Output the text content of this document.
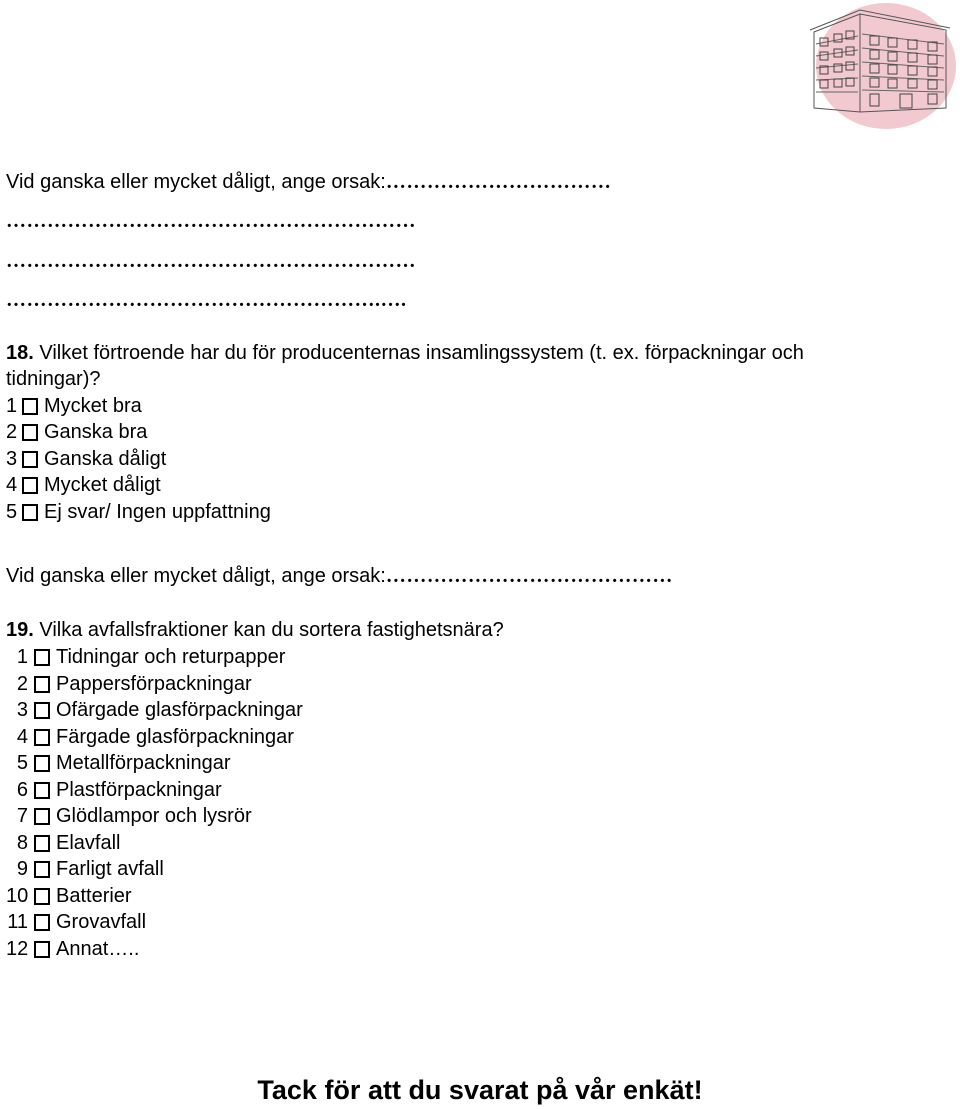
Vid ganska eller mycket dåligt, ange orsak:……………………………
……………………………………………………
……………………………………………………
……………………………………………….….
18. Vilket förtroende har du för producenternas insamlingssystem (t. ex. förpackningar och
tidningar)?
1 Mycket bra
2 Ganska bra
3 Ganska dåligt
4 Mycket dåligt
5 Ej svar/ Ingen uppfattning
Vid ganska eller mycket dåligt, ange orsak:……………………………………
19. Vilka avfallsfraktioner kan du sortera fastighetsnära?
1 Tidningar och returpapper
2 Pappersförpackningar
3 Ofärgade glasförpackningar
4 Färgade glasförpackningar
5 Metallförpackningar
6 Plastförpackningar
7 Glödlampor och lysrör
8 Elavfall
9 Farligt avfall
10 Batterier
11 Grovavfall
12 Annat…..
Tack för att du svarat på vår enkät!
